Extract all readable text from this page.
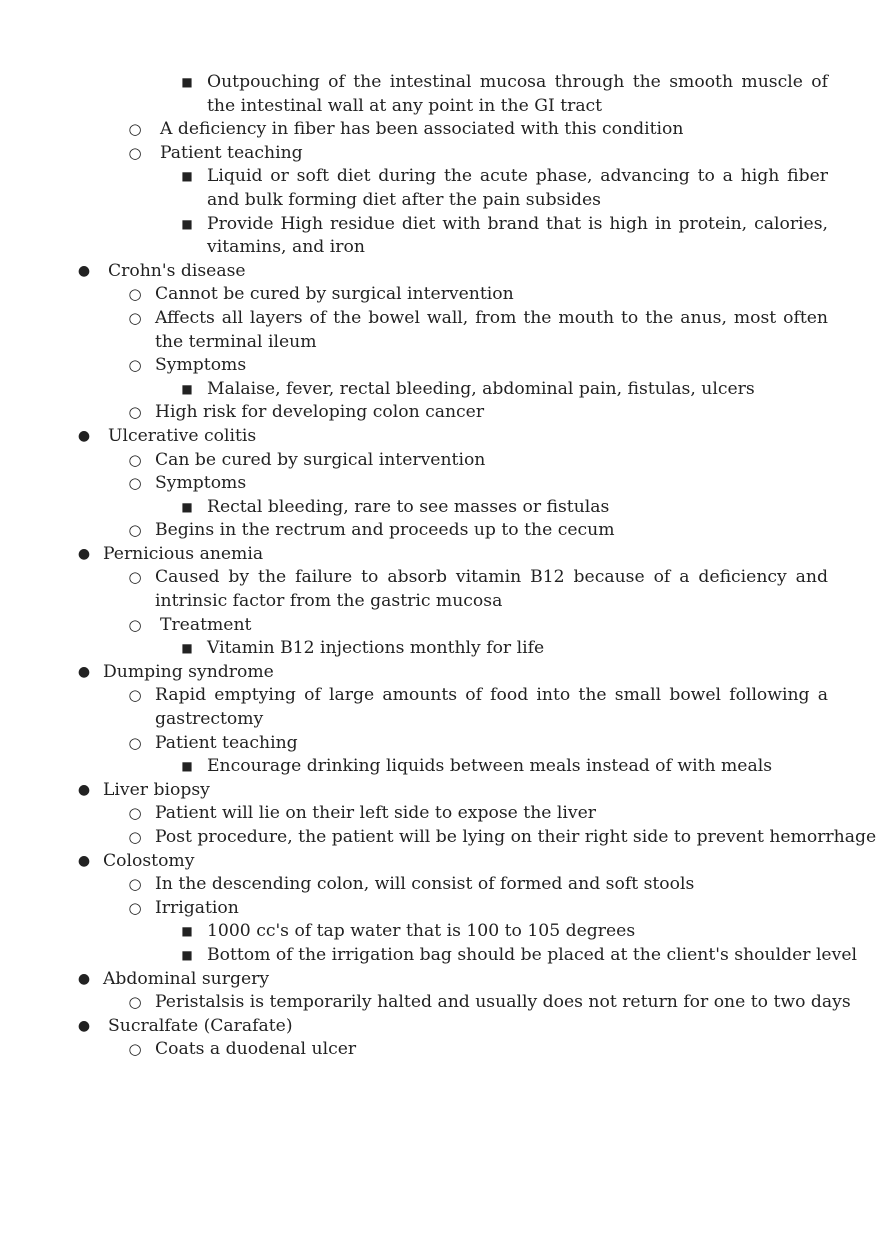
■ Outpouching of the intestinal mucosa through the smooth muscle of the intestinal wall at any point in the GI tract
○ A deficiency in fiber has been associated with this condition
○ Patient teaching
■ Liquid or soft diet during the acute phase, advancing to a high fiber and bulk forming diet after the pain subsides
■ Provide High residue diet with brand that is high in protein, calories, vitamins, and iron
● Crohn's disease
○ Cannot be cured by surgical intervention
○ Affects all layers of the bowel wall, from the mouth to the anus, most often the terminal ileum
○ Symptoms
■ Malaise, fever, rectal bleeding, abdominal pain, fistulas, ulcers
○ High risk for developing colon cancer
● Ulcerative colitis
○ Can be cured by surgical intervention
○ Symptoms
■ Rectal bleeding, rare to see masses or fistulas
○ Begins in the rectrum and proceeds up to the cecum
● Pernicious anemia
○ Caused by the failure to absorb vitamin B12 because of a deficiency and intrinsic factor from the gastric mucosa
○ Treatment
■ Vitamin B12 injections monthly for life
● Dumping syndrome
○ Rapid emptying of large amounts of food into the small bowel following a gastrectomy
○ Patient teaching
■ Encourage drinking liquids between meals instead of with meals
● Liver biopsy
○ Patient will lie on their left side to expose the liver
○ Post procedure, the patient will be lying on their right side to prevent hemorrhage
● Colostomy
○ In the descending colon, will consist of formed and soft stools
○ Irrigation
■ 1000 cc's of tap water that is 100 to 105 degrees
■ Bottom of the irrigation bag should be placed at the client's shoulder level
● Abdominal surgery
○ Peristalsis is temporarily halted and usually does not return for one to two days
● Sucralfate (Carafate)
○ Coats a duodenal ulcer
